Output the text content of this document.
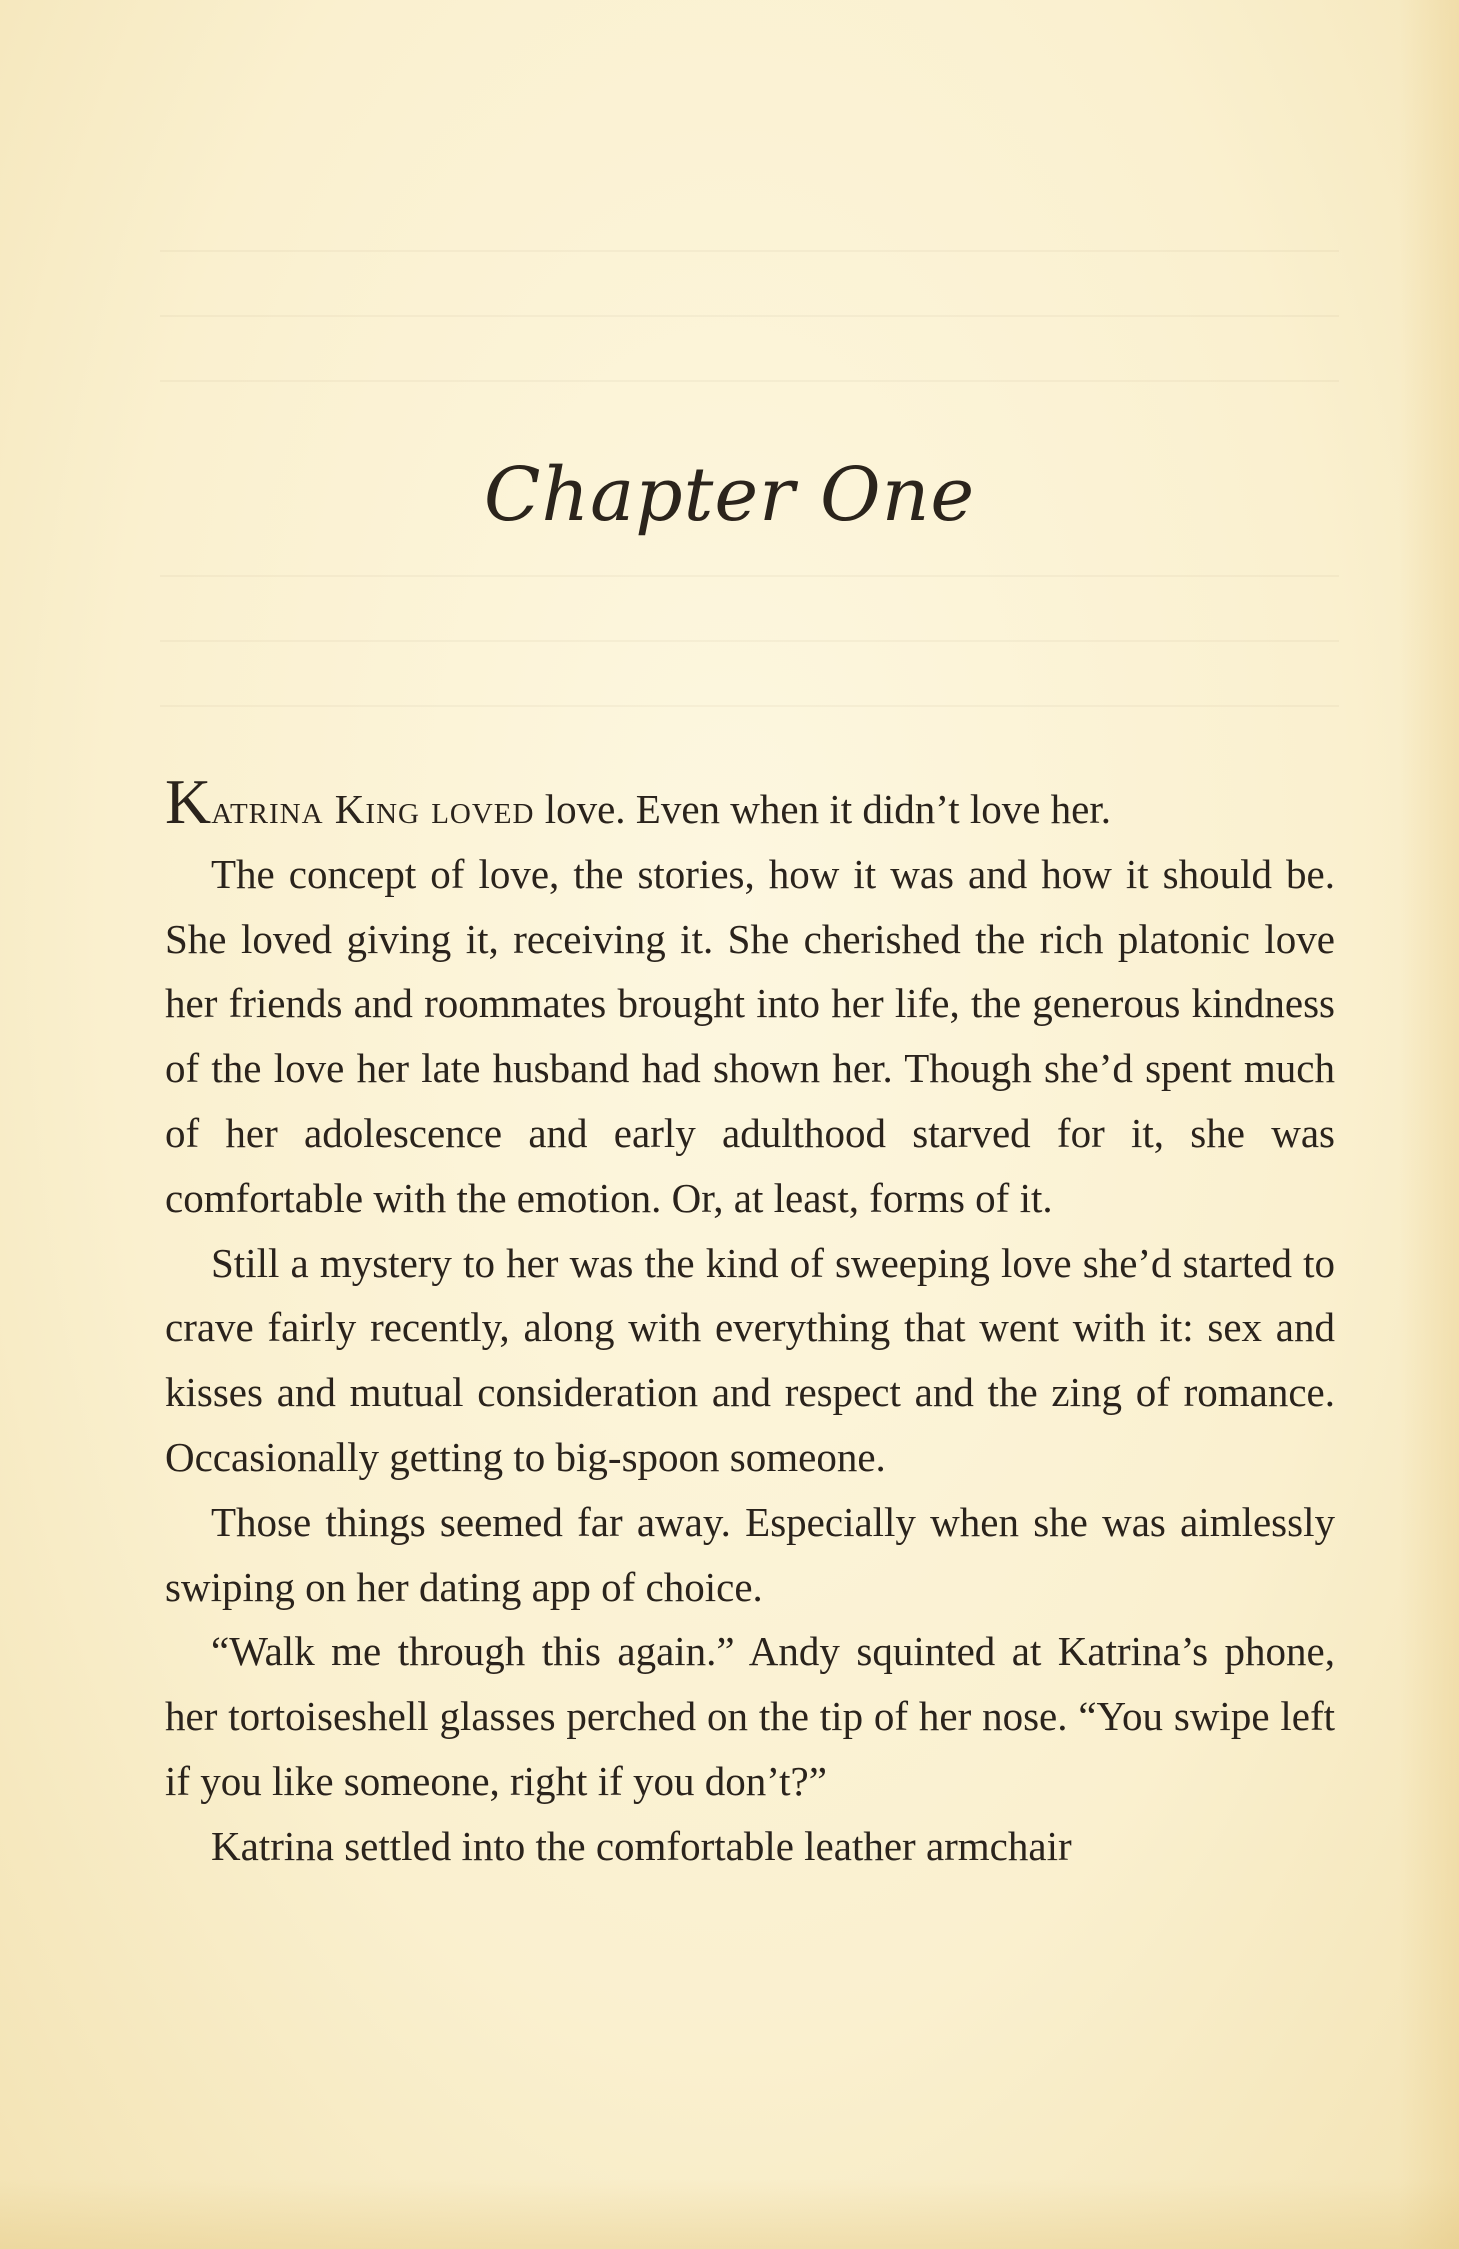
Chapter One

Katrina King loved love. Even when it didn’t love her.

The concept of love, the stories, how it was and how it should be. She loved giving it, receiving it. She cherished the rich platonic love her friends and roommates brought into her life, the generous kindness of the love her late husband had shown her. Though she’d spent much of her adolescence and early adulthood starved for it, she was comfortable with the emotion. Or, at least, forms of it.

Still a mystery to her was the kind of sweeping love she’d started to crave fairly recently, along with everything that went with it: sex and kisses and mutual consideration and respect and the zing of romance. Occasionally getting to big-spoon someone.

Those things seemed far away. Especially when she was aimlessly swiping on her dating app of choice.

“Walk me through this again.” Andy squinted at Katrina’s phone, her tortoiseshell glasses perched on the tip of her nose. “You swipe left if you like someone, right if you don’t?”

Katrina settled into the comfortable leather armchair
